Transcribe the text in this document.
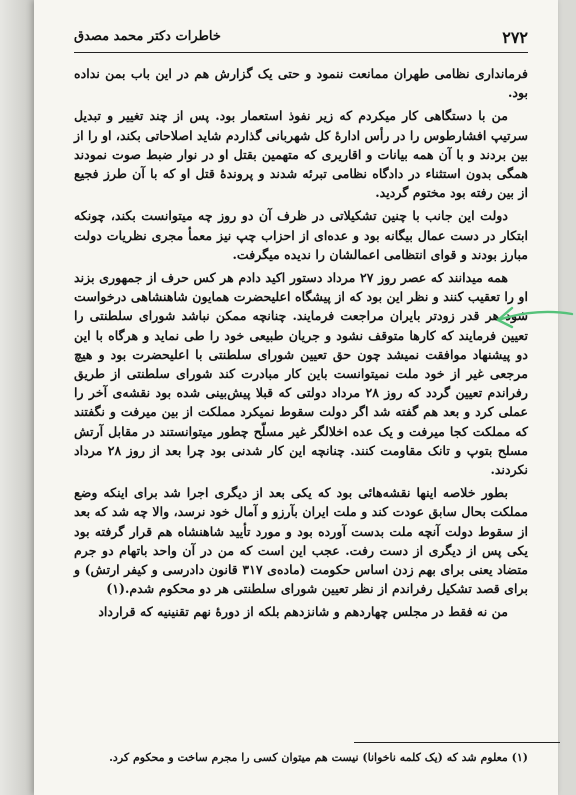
۲۷۲
خاطرات دکتر محمد مصدق

فرمانداری نظامی طهران ممانعت ننمود و حتی یک گزارش هم در این باب بمن نداده بود.

من با دستگاهی کار میکردم که زیر نفوذ استعمار بود. پس از چند تغییر و تبدیل سرتیپ افشارطوس را در رأس ادارهٔ کل شهربانی گذاردم شاید اصلاحاتی بکند، او را از بین بردند و با آن همه بیانات و اقاریری که متهمین بقتل او در نوار ضبط صوت نمودند همگی بدون استثناء در دادگاه نظامی تبرئه شدند و پروندهٔ قتل او که با آن طرز فجیع از بین رفته بود مختوم گردید.

دولت این جانب با چنین تشکیلاتی در ظرف آن دو روز چه میتوانست بکند، چونکه ابتکار در دست عمال بیگانه بود و عده‌ای از احزاب چپ نیز معمأ مجری نظریات دولت مبارز بودند و قوای انتظامی اعمالشان را ندیده میگرفت.

همه میدانند که عصر روز ۲۷ مرداد دستور اکید دادم هر کس حرف از جمهوری بزند او را تعقیب کنند و نظر این بود که از پیشگاه اعلیحضرت همایون شاهنشاهی درخواست شود هر قدر زودتر بایران مراجعت فرمایند. چنانچه ممکن نباشد شورای سلطنتی را تعیین فرمایند که کارها متوقف نشود و جریان طبیعی خود را طی نماید و هرگاه با این دو پیشنهاد موافقت نمیشد چون حق تعیین شورای سلطنتی با اعلیحضرت بود و هیچ مرجعی غیر از خود ملت نمیتوانست باین کار مبادرت کند شورای سلطنتی از طریق رفراندم تعیین گردد که روز ۲۸ مرداد دولتی که قبلا پیش‌بینی شده بود نقشه‌ی آخر را عملی کرد و بعد هم گفته شد اگر دولت سقوط نمیکرد مملکت از بین میرفت و نگفتند که مملکت کجا میرفت و یک عده اخلالگر غیر مسلّح چطور میتوانستند در مقابل آرتش مسلح بتوپ و تانک مقاومت کنند. چنانچه این کار شدنی بود چرا بعد از روز ۲۸ مرداد نکردند.

بطور خلاصه اینها نقشه‌هائی بود که یکی بعد از دیگری اجرا شد برای اینکه وضع مملکت بحال سابق عودت کند و ملت ایران بآرزو و آمال خود نرسد، والا چه شد که بعد از سقوط دولت آنچه ملت بدست آورده بود و مورد تأیید شاهنشاه هم قرار گرفته بود یکی پس از دیگری از دست رفت. عجب این است که من در آن واحد باتهام دو جرم متضاد یعنی برای بهم زدن اساس حکومت (ماده‌ی ۳۱۷ قانون دادرسی و کیفر ارتش) و برای قصد تشکیل رفراندم از نظر تعیین شورای سلطنتی هر دو محکوم شدم.(۱)

من نه فقط در مجلس چهاردهم و شانزدهم بلکه از دورهٔ نهم تقنینیه که قرارداد

(۱) معلوم شد که (یک کلمه ناخوانا) نیست هم میتوان کسی را مجرم ساخت و محکوم کرد.
